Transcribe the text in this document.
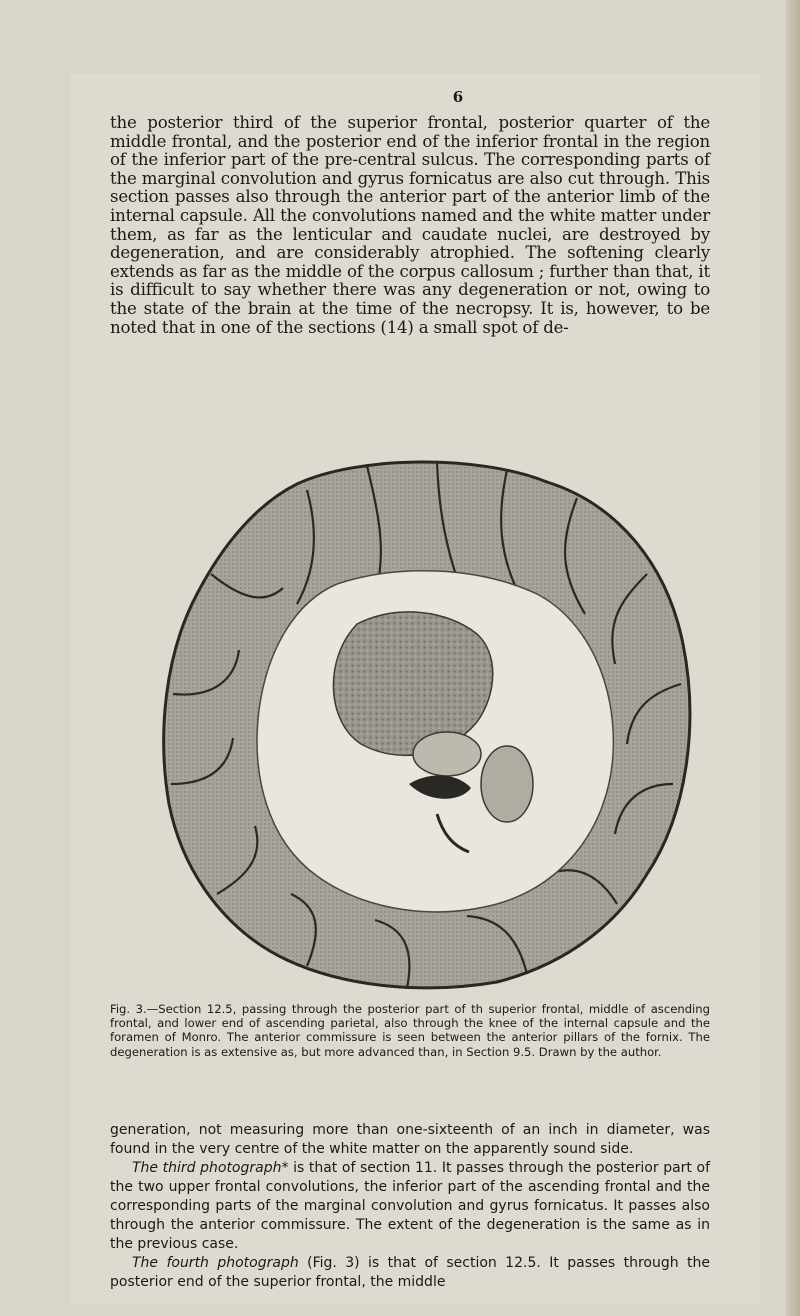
6
the posterior third of the superior frontal, posterior quarter of the middle frontal, and the posterior end of the inferior frontal in the region of the inferior part of the pre-central sulcus. The corresponding parts of the marginal convolution and gyrus fornicatus are also cut through. This section passes also through the anterior part of the anterior limb of the internal capsule. All the convolutions named and the white matter under them, as far as the lenticular and caudate nuclei, are destroyed by degeneration, and are considerably atrophied. The softening clearly extends as far as the middle of the corpus callosum ; further than that, it is difficult to say whether there was any degeneration or not, owing to the state of the brain at the time of the necropsy. It is, however, to be noted that in one of the sections (14) a small spot of de-
Fig. 3.—Section 12.5, passing through the posterior part of th superior frontal, middle of ascending frontal, and lower end of ascending parietal, also through the knee of the internal capsule and the foramen of Monro. The anterior commissure is seen between the anterior pillars of the fornix. The degeneration is as extensive as, but more advanced than, in Section 9.5. Drawn by the author.

generation, not measuring more than one-sixteenth of an inch in diameter, was found in the very centre of the white matter on the apparently sound side.

The third photograph* is that of section 11. It passes through the posterior part of the two upper frontal convolutions, the inferior part of the ascending frontal and the corresponding parts of the marginal convolution and gyrus fornicatus. It passes also through the anterior commissure. The extent of the degeneration is the same as in the previous case.

The fourth photograph (Fig. 3) is that of section 12.5. It passes through the posterior end of the superior frontal, the middle
